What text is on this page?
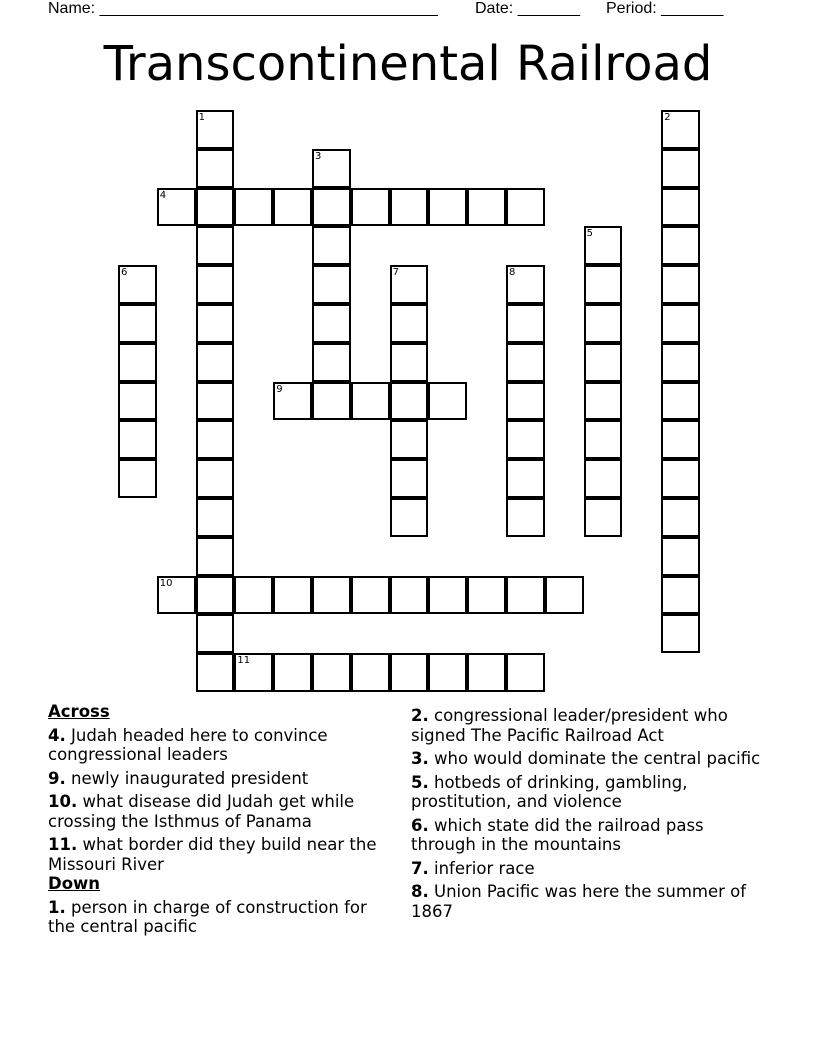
Name: ______________________________________ Date: _______ Period: _______
Transcontinental Railroad
1	2
3
4
5
6	7	8
9
10
11
Across
4. Judah headed here to convince congressional leaders
9. newly inaugurated president
10. what disease did Judah get while crossing the Isthmus of Panama
11. what border did they build near the Missouri River
Down
1. person in charge of construction for the central pacific
2. congressional leader/president who signed The Pacific Railroad Act
3. who would dominate the central pacific
5. hotbeds of drinking, gambling, prostitution, and violence
6. which state did the railroad pass through in the mountains
7. inferior race
8. Union Pacific was here the summer of 1867
